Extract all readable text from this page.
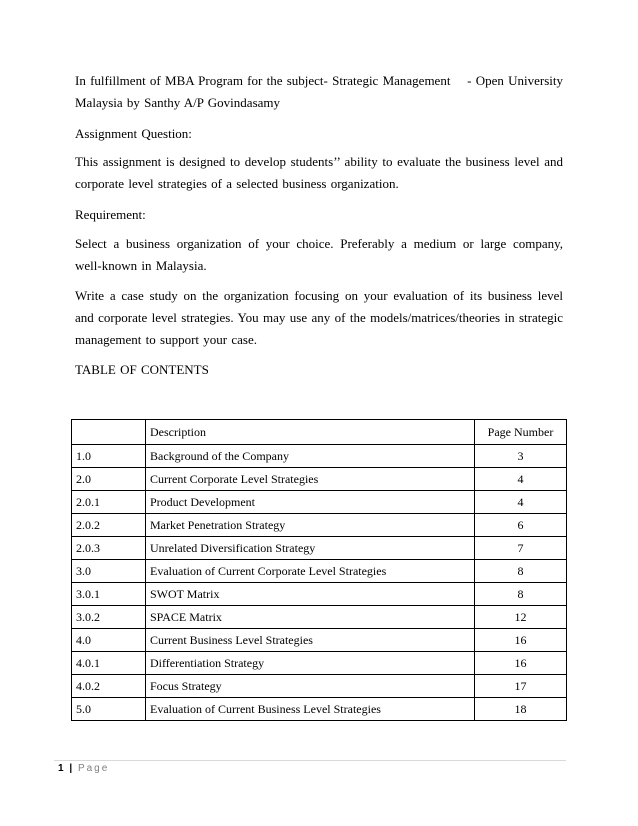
In fulfillment of MBA Program for the subject- Strategic Management - Open University
Malaysia by Santhy A/P Govindasamy

Assignment Question:

This assignment is designed to develop students’’ ability to evaluate the business level and corporate level strategies of a selected business organization.

Requirement:

Select a business organization of your choice. Preferably a medium or large company, well-known in Malaysia.

Write a case study on the organization focusing on your evaluation of its business level and corporate level strategies. You may use any of the models/matrices/theories in strategic management to support your case.

TABLE OF CONTENTS

	Description	Page Number
1.0	Background of the Company	3
2.0	Current Corporate Level Strategies	4
2.0.1	Product Development	4
2.0.2	Market Penetration Strategy	6
2.0.3	Unrelated Diversification Strategy	7
3.0	Evaluation of Current Corporate Level Strategies	8
3.0.1	SWOT Matrix	8
3.0.2	SPACE Matrix	12
4.0	Current Business Level Strategies	16
4.0.1	Differentiation Strategy	16
4.0.2	Focus Strategy	17
5.0	Evaluation of Current Business Level Strategies	18
1 | Page
